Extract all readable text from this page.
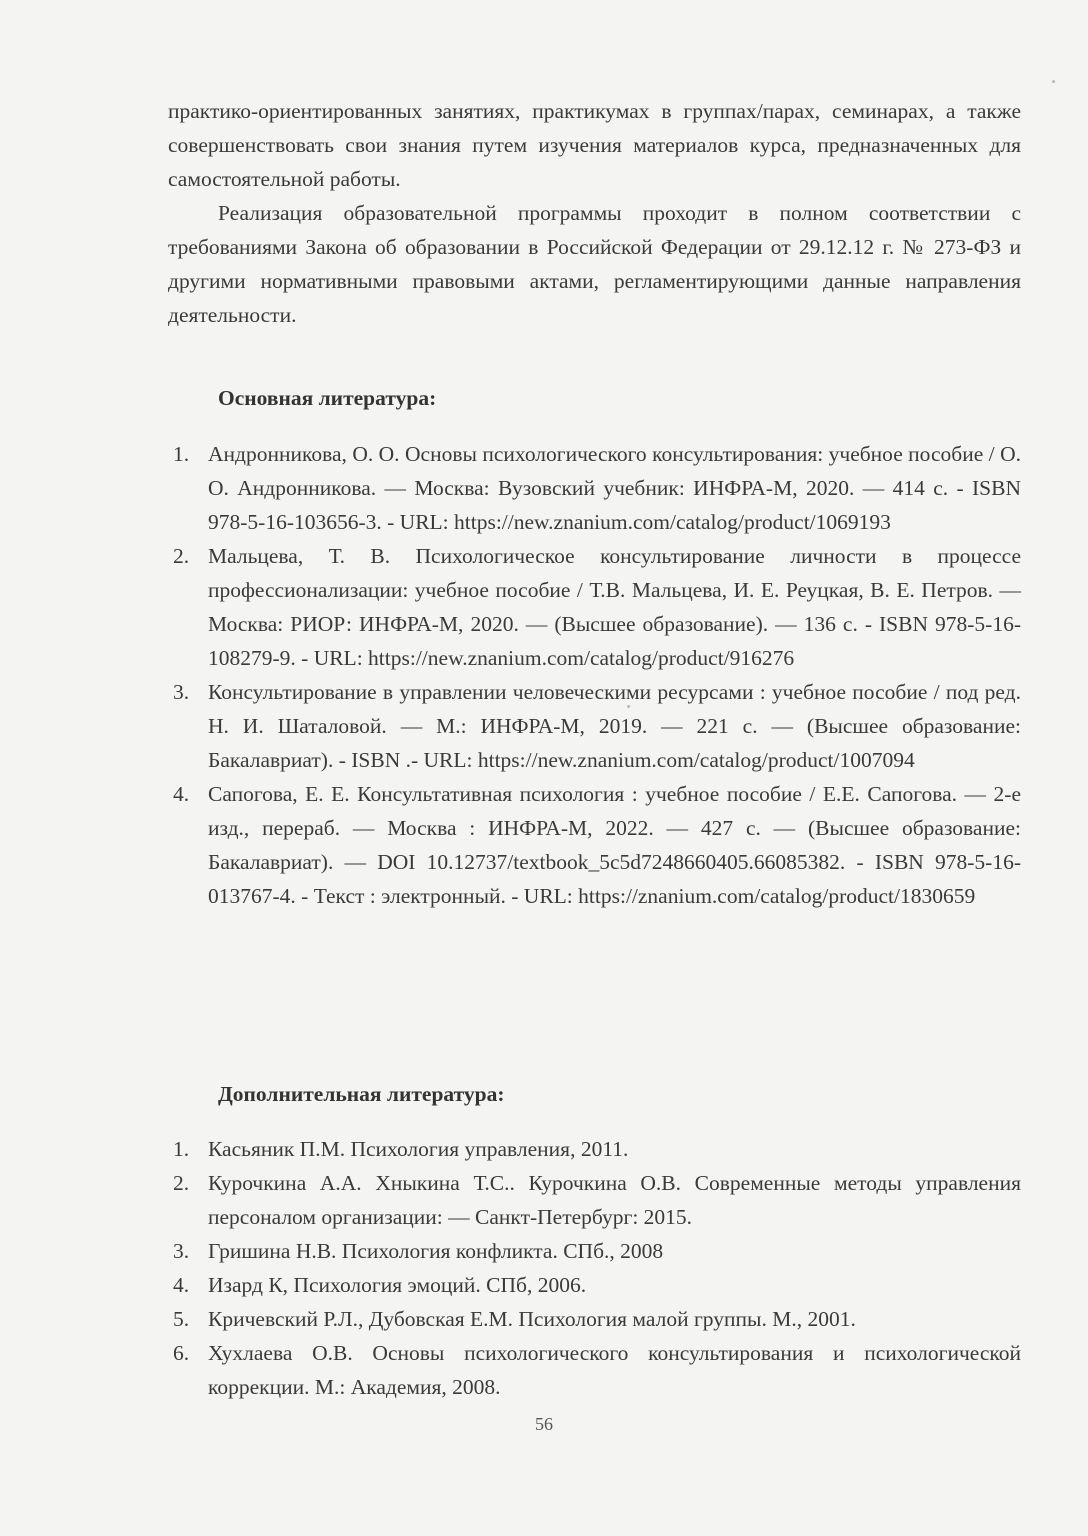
практико-ориентированных занятиях, практикумах в группах/парах, семинарах, а также совершенствовать свои знания путем изучения материалов курса, предназначенных для самостоятельной работы.

Реализация образовательной программы проходит в полном соответствии с требованиями Закона об образовании в Российской Федерации от 29.12.12 г. № 273-ФЗ и другими нормативными правовыми актами, регламентирующими данные направления деятельности.

Основная литература:
1. Андронникова, О. О. Основы психологического консультирования: учебное пособие / О. О. Андронникова. — Москва: Вузовский учебник: ИНФРА-М, 2020. — 414 с. - ISBN 978-5-16-103656-3. - URL: https://new.znanium.com/catalog/product/1069193
2. Мальцева, Т. В. Психологическое консультирование личности в процессе профессионализации: учебное пособие / Т.В. Мальцева, И. Е. Реуцкая, В. Е. Петров. — Москва: РИОР: ИНФРА-М, 2020. — (Высшее образование). — 136 с. - ISBN 978-5-16- 108279-9. - URL: https://new.znanium.com/catalog/product/916276
3. Консультирование в управлении человеческими ресурсами : учебное пособие / под ред. Н. И. Шаталовой. — М.: ИНФРА-М, 2019. — 221 с. — (Высшее образование: Бакалавриат). - ISBN .- URL: https://new.znanium.com/catalog/product/1007094
4. Сапогова, Е. Е. Консультативная психология : учебное пособие / Е.Е. Сапогова. — 2-е изд., перераб. — Москва : ИНФРА-М, 2022. — 427 с. — (Высшее образование: Бакалавриат). — DOI 10.12737/textbook_5c5d7248660405.66085382. - ISBN 978-5-16- 013767-4. - Текст : электронный. - URL: https://znanium.com/catalog/product/1830659
Дополнительная литература:
1. Касьяник П.М. Психология управления, 2011.
2. Курочкина А.А. Хныкина Т.С.. Курочкина О.В. Современные методы управления персоналом организации: — Санкт-Петербург: 2015.
3. Гришина Н.В. Психология конфликта. СПб., 2008
4. Изард К, Психология эмоций. СПб, 2006.
5. Кричевский Р.Л., Дубовская Е.М. Психология малой группы. М., 2001.
6. Хухлаева О.В. Основы психологического консультирования и психологической коррекции. М.: Академия, 2008.
56
